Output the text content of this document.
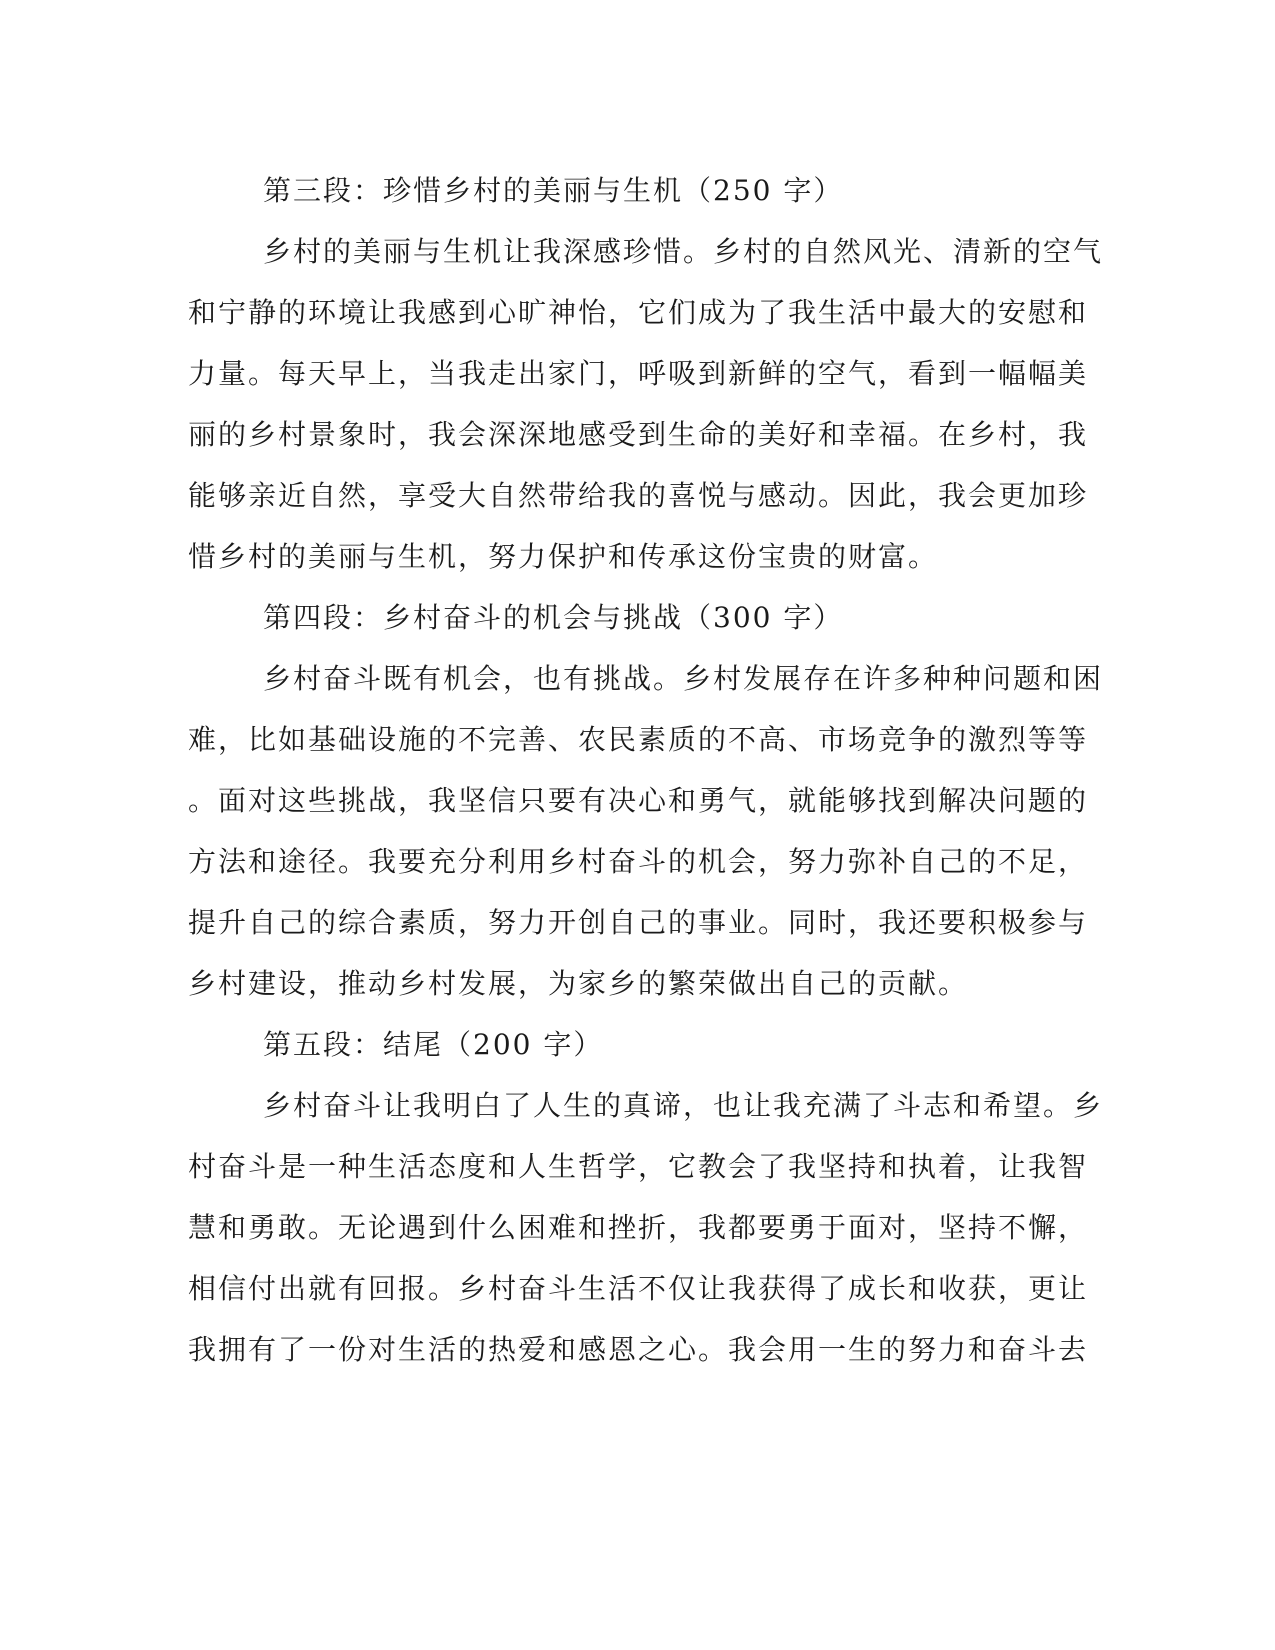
第三段：珍惜乡村的美丽与生机（250 字）
乡村的美丽与生机让我深感珍惜。乡村的自然风光、清新的空气
和宁静的环境让我感到心旷神怡，它们成为了我生活中最大的安慰和
力量。每天早上，当我走出家门，呼吸到新鲜的空气，看到一幅幅美
丽的乡村景象时，我会深深地感受到生命的美好和幸福。在乡村，我
能够亲近自然，享受大自然带给我的喜悦与感动。因此，我会更加珍
惜乡村的美丽与生机，努力保护和传承这份宝贵的财富。
第四段：乡村奋斗的机会与挑战（300 字）
乡村奋斗既有机会，也有挑战。乡村发展存在许多种种问题和困
难，比如基础设施的不完善、农民素质的不高、市场竞争的激烈等等
。面对这些挑战，我坚信只要有决心和勇气，就能够找到解决问题的
方法和途径。我要充分利用乡村奋斗的机会，努力弥补自己的不足，
提升自己的综合素质，努力开创自己的事业。同时，我还要积极参与
乡村建设，推动乡村发展，为家乡的繁荣做出自己的贡献。
第五段：结尾（200 字）
乡村奋斗让我明白了人生的真谛，也让我充满了斗志和希望。乡
村奋斗是一种生活态度和人生哲学，它教会了我坚持和执着，让我智
慧和勇敢。无论遇到什么困难和挫折，我都要勇于面对，坚持不懈，
相信付出就有回报。乡村奋斗生活不仅让我获得了成长和收获，更让
我拥有了一份对生活的热爱和感恩之心。我会用一生的努力和奋斗去
